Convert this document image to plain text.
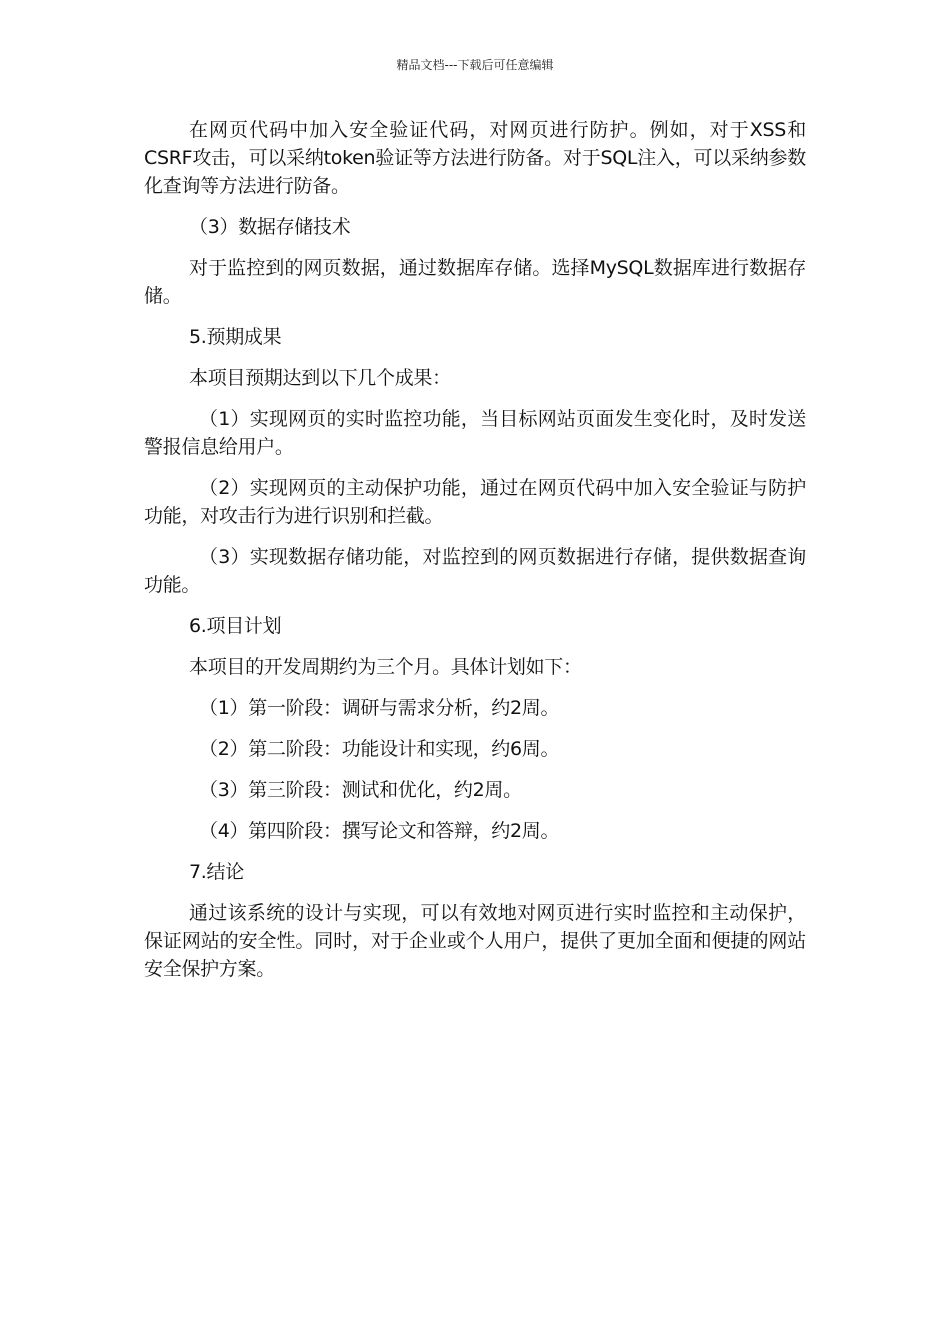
精品文档---下载后可任意编辑

在网页代码中加入安全验证代码，对网页进行防护。例如，对于XSS和CSRF攻击，可以采纳token验证等方法进行防备。对于SQL注入，可以采纳参数化查询等方法进行防备。

（3）数据存储技术

对于监控到的网页数据，通过数据库存储。选择MySQL数据库进行数据存储。

5.预期成果

本项目预期达到以下几个成果：

（1）实现网页的实时监控功能，当目标网站页面发生变化时，及时发送警报信息给用户。

（2）实现网页的主动保护功能，通过在网页代码中加入安全验证与防护功能，对攻击行为进行识别和拦截。

（3）实现数据存储功能，对监控到的网页数据进行存储，提供数据查询功能。

6.项目计划

本项目的开发周期约为三个月。具体计划如下：

（1）第一阶段：调研与需求分析，约2周。

（2）第二阶段：功能设计和实现，约6周。

（3）第三阶段：测试和优化，约2周。

（4）第四阶段：撰写论文和答辩，约2周。

7.结论

通过该系统的设计与实现，可以有效地对网页进行实时监控和主动保护，保证网站的安全性。同时，对于企业或个人用户，提供了更加全面和便捷的网站安全保护方案。
